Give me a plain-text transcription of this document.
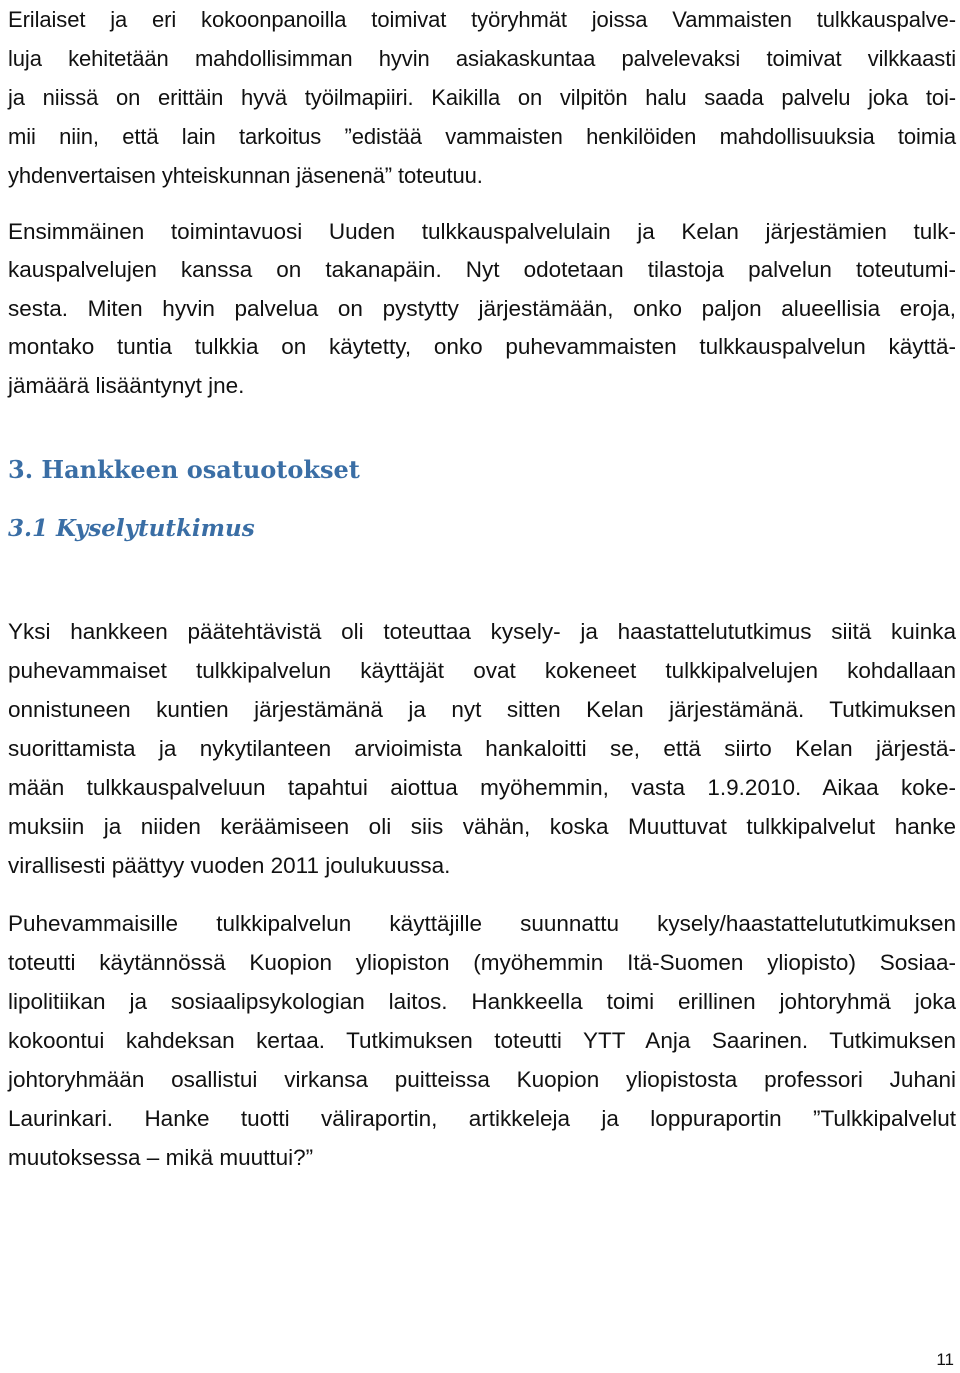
Erilaiset ja eri kokoonpanoilla toimivat työryhmät joissa Vammaisten tulkkauspalve-
luja kehitetään mahdollisimman hyvin asiakaskuntaa palvelevaksi toimivat vilkkaasti
ja niissä on erittäin hyvä työilmapiiri. Kaikilla on vilpitön halu saada palvelu joka toi-
mii niin, että lain tarkoitus ”edistää vammaisten henkilöiden mahdollisuuksia toimia
yhdenvertaisen yhteiskunnan jäsenenä” toteutuu.
Ensimmäinen toimintavuosi Uuden tulkkauspalvelulain ja Kelan järjestämien tulk-
kauspalvelujen kanssa on takanapäin. Nyt odotetaan tilastoja palvelun toteutumi-
sesta. Miten hyvin palvelua on pystytty järjestämään, onko paljon alueellisia eroja,
montako tuntia tulkkia on käytetty, onko puhevammaisten tulkkauspalvelun käyttä-
jämäärä lisääntynyt jne.
3. Hankkeen osatuotokset
3.1 Kyselytutkimus
Yksi hankkeen päätehtävistä oli toteuttaa kysely- ja haastattelututkimus siitä kuinka
puhevammaiset tulkkipalvelun käyttäjät ovat kokeneet tulkkipalvelujen kohdallaan
onnistuneen kuntien järjestämänä ja nyt sitten Kelan järjestämänä. Tutkimuksen
suorittamista ja nykytilanteen arvioimista hankaloitti se, että siirto Kelan järjestä-
mään tulkkauspalveluun tapahtui aiottua myöhemmin, vasta 1.9.2010. Aikaa koke-
muksiin ja niiden keräämiseen oli siis vähän, koska Muuttuvat tulkkipalvelut hanke
virallisesti päättyy vuoden 2011 joulukuussa.
Puhevammaisille tulkkipalvelun käyttäjille suunnattu kysely/haastattelututkimuksen
toteutti käytännössä Kuopion yliopiston (myöhemmin Itä-Suomen yliopisto) Sosiaa-
lipolitiikan ja sosiaalipsykologian laitos. Hankkeella toimi erillinen johtoryhmä joka
kokoontui kahdeksan kertaa. Tutkimuksen toteutti YTT Anja Saarinen. Tutkimuksen
johtoryhmään osallistui virkansa puitteissa Kuopion yliopistosta professori Juhani
Laurinkari. Hanke tuotti väliraportin, artikkeleja ja loppuraportin ”Tulkkipalvelut
muutoksessa – mikä muuttui?”
11
